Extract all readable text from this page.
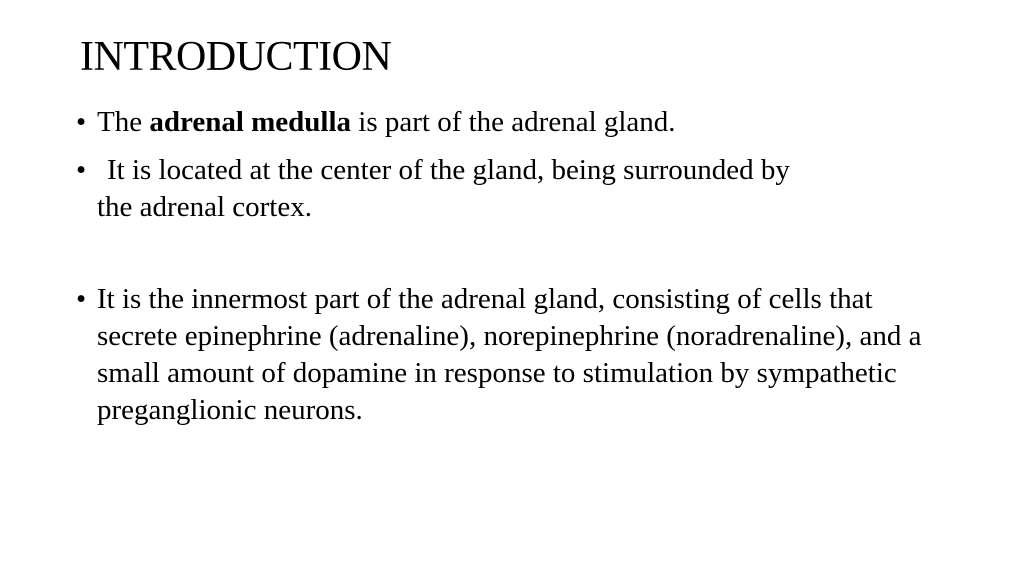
INTRODUCTION
• The adrenal medulla is part of the adrenal gland.
• It is located at the center of the gland, being surrounded by
the adrenal cortex.
• It is the innermost part of the adrenal gland, consisting of cells that secrete epinephrine (adrenaline), norepinephrine (noradrenaline), and a small amount of dopamine in response to stimulation by sympathetic preganglionic neurons.
